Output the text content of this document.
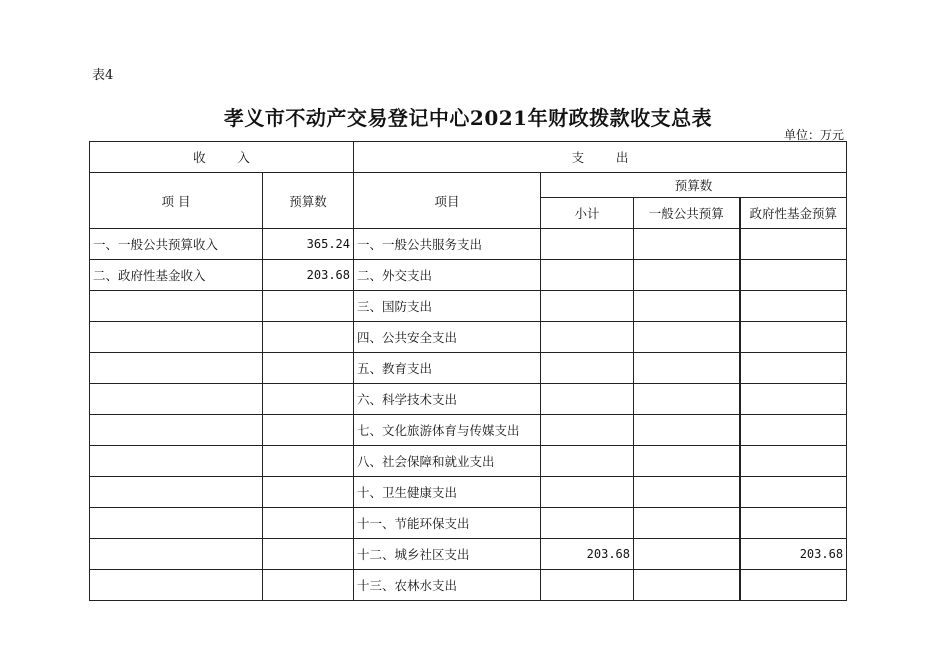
表4
孝义市不动产交易登记中心2021年财政拨款收支总表
单位：万元
收        入		支        出			
项 目	预算数	项目	预算数		
			小计	一般公共预算	政府性基金预算
一、一般公共预算收入	365.24	一、一般公共服务支出			
二、政府性基金收入	203.68	二、外交支出			
		三、国防支出			
		四、公共安全支出			
		五、教育支出			
		六、科学技术支出			
		七、文化旅游体育与传媒支出			
		八、社会保障和就业支出			
		十、卫生健康支出			
		十一、节能环保支出			
		十二、城乡社区支出	203.68		203.68
		十三、农林水支出			
